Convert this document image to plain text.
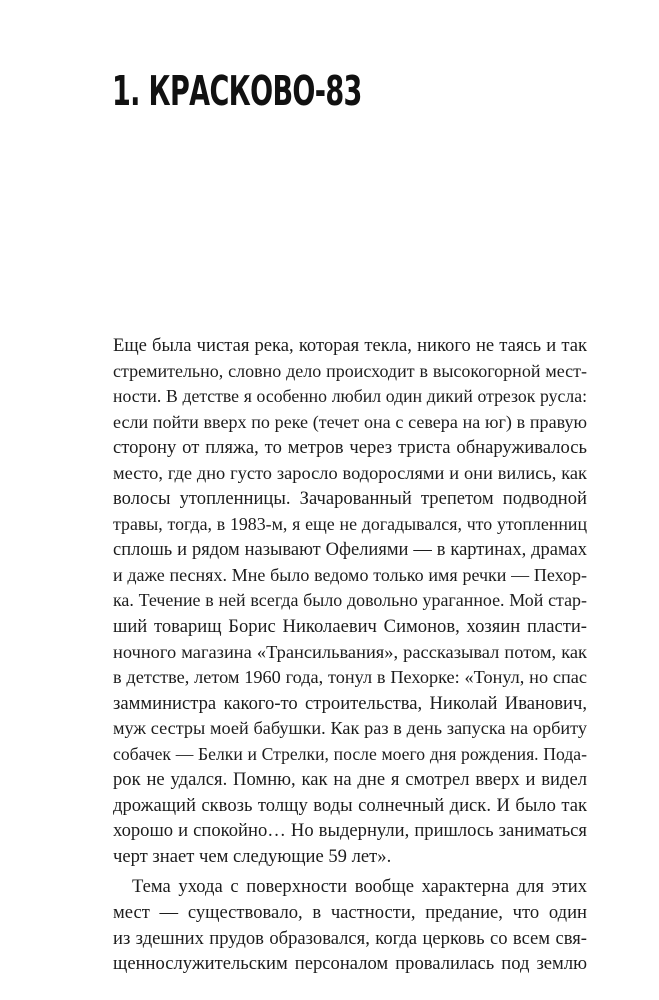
1. КРАСКОВО-83

Еще была чистая река, которая текла, никого не таясь и так
стремительно, словно дело происходит в высокогорной мест-
ности. В детстве я особенно любил один дикий отрезок русла:
если пойти вверх по реке (течет она с севера на юг) в правую
сторону от пляжа, то метров через триста обнаруживалось
место, где дно густо заросло водорослями и они вились, как
волосы утопленницы. Зачарованный трепетом подводной
травы, тогда, в 1983-м, я еще не догадывался, что утопленниц
сплошь и рядом называют Офелиями — в картинах, драмах
и даже песнях. Мне было ведомо только имя речки — Пехор-
ка. Течение в ней всегда было довольно ураганное. Мой стар-
ший товарищ Борис Николаевич Симонов, хозяин пласти-
ночного магазина «Трансильвания», рассказывал потом, как
в детстве, летом 1960 года, тонул в Пехорке: «Тонул, но спас
замминистра какого-то строительства, Николай Иванович,
муж сестры моей бабушки. Как раз в день запуска на орбиту
собачек — Белки и Стрелки, после моего дня рождения. Пода-
рок не удался. Помню, как на дне я смотрел вверх и видел
дрожащий сквозь толщу воды солнечный диск. И было так
хорошо и спокойно… Но выдернули, пришлось заниматься
черт знает чем следующие 59 лет».

Тема ухода с поверхности вообще характерна для этих
мест — существовало, в частности, предание, что один
из здешних прудов образовался, когда церковь со всем свя-
щеннослужительским персоналом провалилась под землю
